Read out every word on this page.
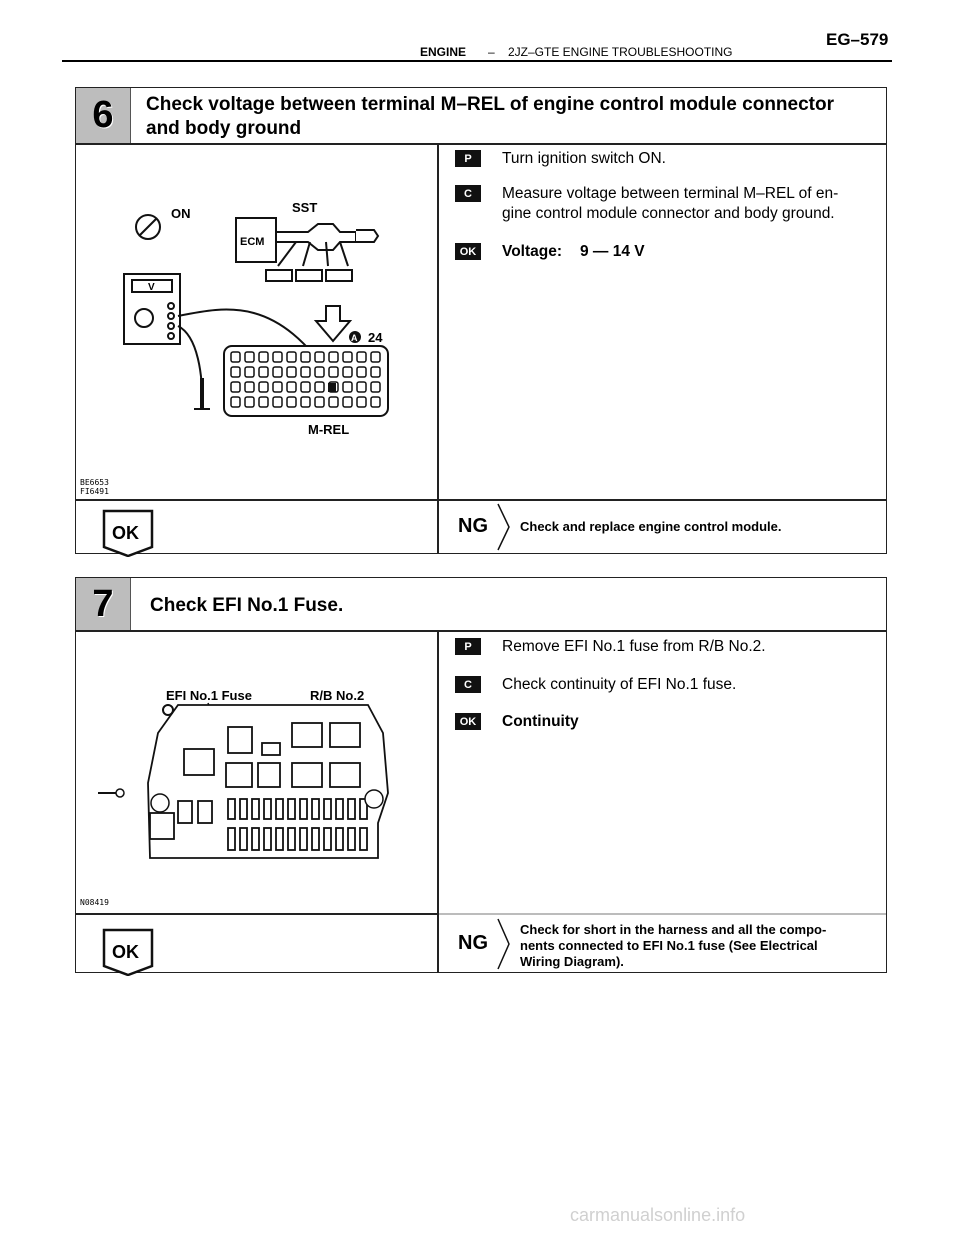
ENGINE – 2JZ–GTE ENGINE TROUBLESHOOTING
EG–579
6	Check voltage between terminal M–REL of engine control module connector
and body ground
P	Turn ignition switch ON.
C	Measure voltage between terminal M–REL of en-
gine control module connector and body ground.
OK	Voltage: 9 — 14 V
ON	SST
ECM
V
A 24
M-REL
BE6653
FI6491
OK	NG Check and replace engine control module.
7	Check EFI No.1 Fuse.
P	Remove EFI No.1 fuse from R/B No.2.
C	Check continuity of EFI No.1 fuse.
OK	Continuity
EFI No.1 Fuse	R/B No.2
N08419
OK	NG
Check for short in the harness and all the compo-
nents connected to EFI No.1 fuse (See Electrical
Wiring Diagram).
carmanualsonline.info
